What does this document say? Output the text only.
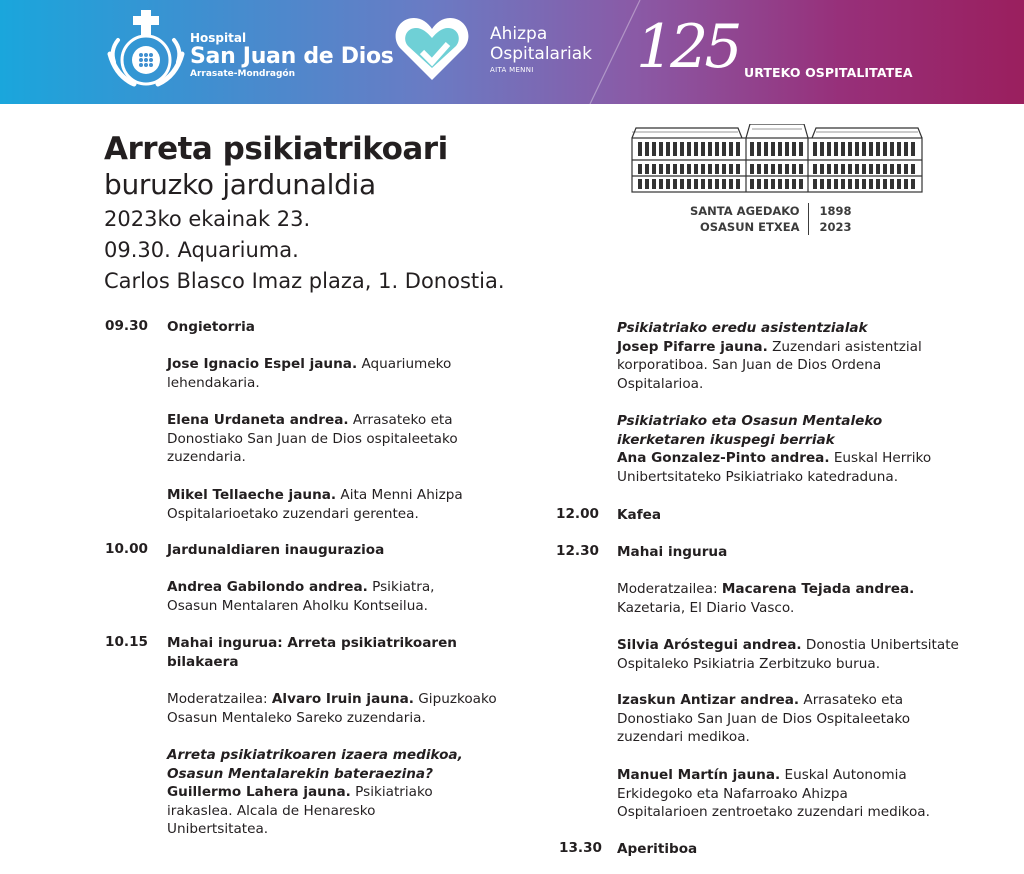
Hospital
San Juan de Dios
Arrasate-Mondragón
Ahizpa
Ospitalariak
AITA MENNI	125 URTEKO OSPITALITATEA
Arreta psikiatrikoari
buruzko jardunaldia
2023ko ekainak 23.
09.30. Aquariuma.
Carlos Blasco Imaz plaza, 1. Donostia.
SANTA AGEDAKO
OSASUN ETXEA
1898
2023
09.30 Ongietorria
Jose Ignacio Espel jauna. Aquariumeko
lehendakaria.
Elena Urdaneta andrea. Arrasateko eta
Donostiako San Juan de Dios ospitaleetako
zuzendaria.
Mikel Tellaeche jauna. Aita Menni Ahizpa
Ospitalarioetako zuzendari gerentea.
10.00 Jardunaldiaren inaugurazioa
Andrea Gabilondo andrea. Psikiatra,
Osasun Mentalaren Aholku Kontseilua.
10.15 Mahai ingurua: Arreta psikiatrikoaren
bilakaera
Moderatzailea: Alvaro Iruin jauna. Gipuzkoako
Osasun Mentaleko Sareko zuzendaria.
Arreta psikiatrikoaren izaera medikoa,
Osasun Mentalarekin bateraezina?
Guillermo Lahera jauna. Psikiatriako
irakaslea. Alcala de Henaresko
Unibertsitatea.
Psikiatriako eredu asistentzialak
Josep Pifarre jauna. Zuzendari asistentzial
korporatiboa. San Juan de Dios Ordena
Ospitalarioa.
Psikiatriako eta Osasun Mentaleko
ikerketaren ikuspegi berriak
Ana Gonzalez-Pinto andrea. Euskal Herriko
Unibertsitateko Psikiatriako katedraduna.
12.00 Kafea
12.30 Mahai ingurua
Moderatzailea: Macarena Tejada andrea.
Kazetaria, El Diario Vasco.
Silvia Aróstegui andrea. Donostia Unibertsitate
Ospitaleko Psikiatria Zerbitzuko burua.
Izaskun Antizar andrea. Arrasateko eta
Donostiako San Juan de Dios Ospitaleetako
zuzendari medikoa.
Manuel Martín jauna. Euskal Autonomia
Erkidegoko eta Nafarroako Ahizpa
Ospitalarioen zentroetako zuzendari medikoa.
13.30 Aperitiboa
